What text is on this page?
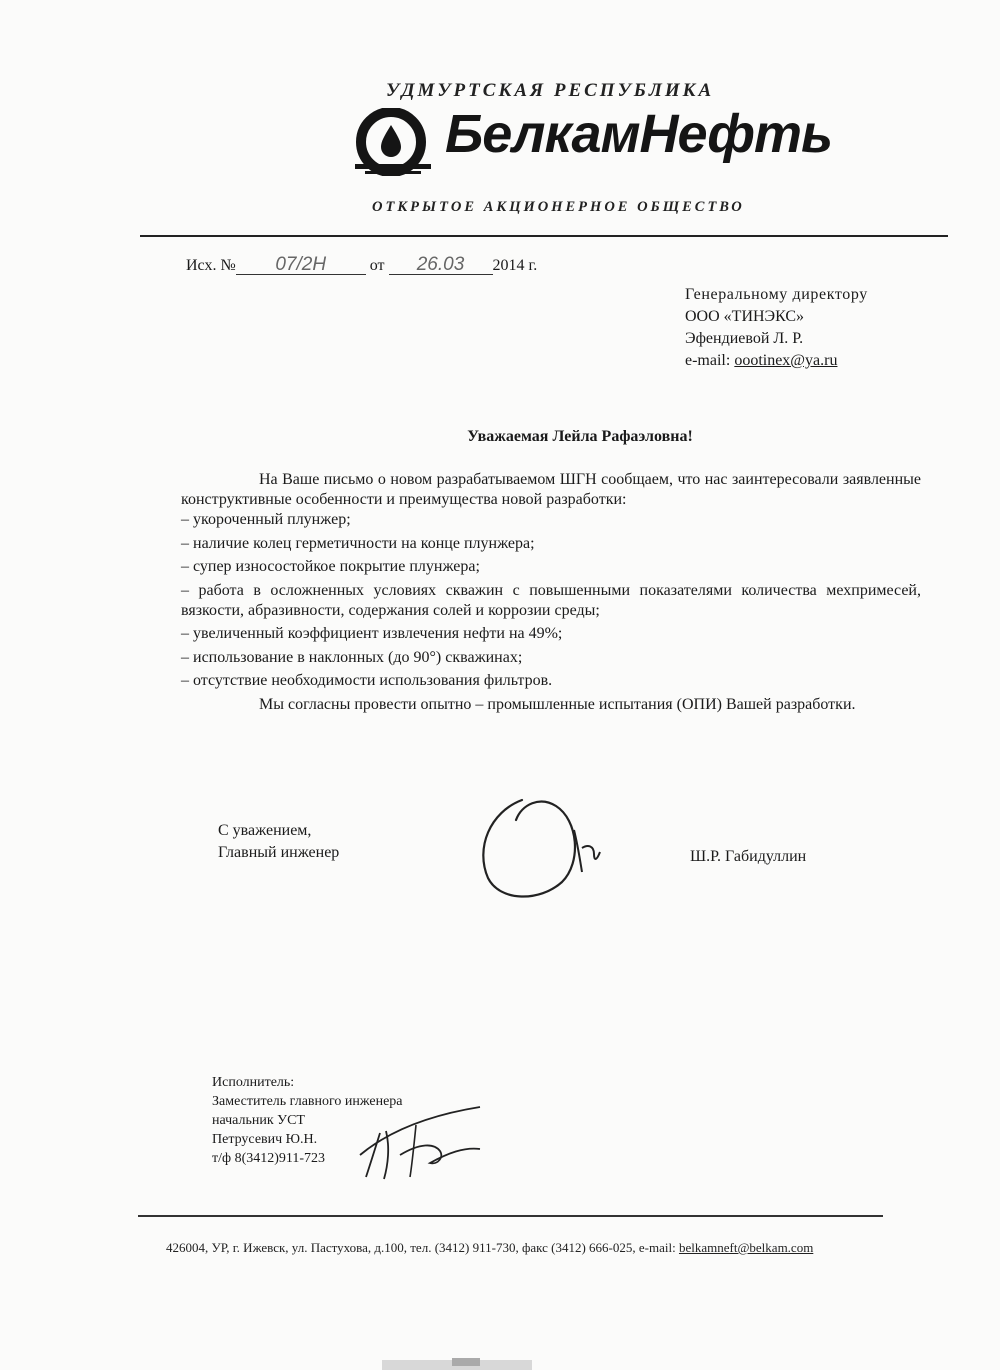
УДМУРТСКАЯ РЕСПУБЛИКА
БелкамНефть
ОТКРЫТОЕ АКЦИОНЕРНОЕ ОБЩЕСТВО
Исх. № 07/2Н	от 26.03 2014 г.
Генеральному директору
ООО «ТИНЭКС»
Эфендиевой Л. Р.
e-mail: oootinex@ya.ru
Уважаемая Лейла Рафаэловна!

На Ваше письмо о новом разрабатываемом ШГН сообщаем, что нас заинтересовали заявленные конструктивные особенности и преимущества новой разработки:

– укороченный плунжер;
– наличие колец герметичности на конце плунжера;
– супер износостойкое покрытие плунжера;
– работа в осложненных условиях скважин с повышенными показателями количества мехпримесей, вязкости, абразивности, содержания солей и коррозии среды;
– увеличенный коэффициент извлечения нефти на 49%;
– использование в наклонных (до 90°) скважинах;
– отсутствие необходимости использования фильтров.

Мы согласны провести опытно – промышленные испытания (ОПИ) Вашей разработки.

С уважением,
Главный инженер	Ш.Р. Габидуллин
Исполнитель:
Заместитель главного инженера
начальник УСТ
Петрусевич Ю.Н.
т/ф 8(3412)911-723
426004, УР, г. Ижевск, ул. Пастухова, д.100, тел. (3412) 911-730, факс (3412) 666-025, e-mail: belkamneft@belkam.com
